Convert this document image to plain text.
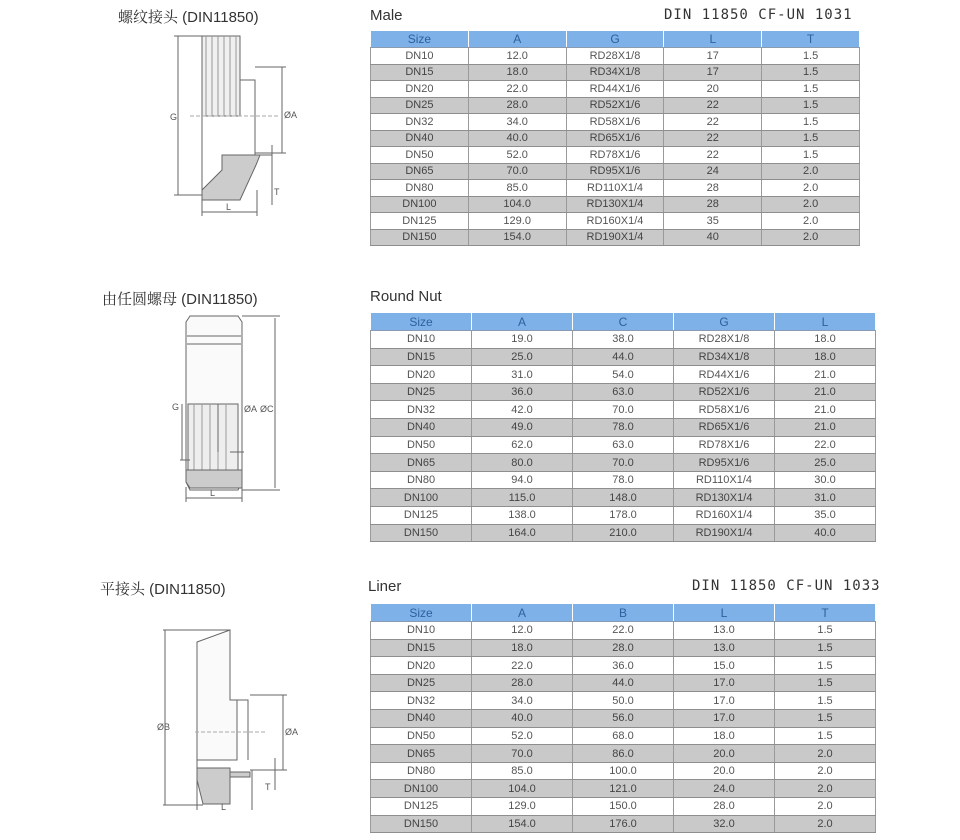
螺纹接头 (DIN11850)	Male	DIN 11850 CF-UN 1031
G	ØA
T
L
Size	A	G	L	T
DN10	12.0	RD28X1/8	17	1.5
DN15	18.0	RD34X1/8	17	1.5
DN20	22.0	RD44X1/6	20	1.5
DN25	28.0	RD52X1/6	22	1.5
DN32	34.0	RD58X1/6	22	1.5
DN40	40.0	RD65X1/6	22	1.5
DN50	52.0	RD78X1/6	22	1.5
DN65	70.0	RD95X1/6	24	2.0
DN80	85.0	RD110X1/4	28	2.0
DN100	104.0	RD130X1/4	28	2.0
DN125	129.0	RD160X1/4	35	2.0
DN150	154.0	RD190X1/4	40	2.0
由任圆螺母 (DIN11850)	Round Nut
G	ØA ØC
L
Size	A	C	G	L
DN10	19.0	38.0	RD28X1/8	18.0
DN15	25.0	44.0	RD34X1/8	18.0
DN20	31.0	54.0	RD44X1/6	21.0
DN25	36.0	63.0	RD52X1/6	21.0
DN32	42.0	70.0	RD58X1/6	21.0
DN40	49.0	78.0	RD65X1/6	21.0
DN50	62.0	63.0	RD78X1/6	22.0
DN65	80.0	70.0	RD95X1/6	25.0
DN80	94.0	78.0	RD110X1/4	30.0
DN100	115.0	148.0	RD130X1/4	31.0
DN125	138.0	178.0	RD160X1/4	35.0
DN150	164.0	210.0	RD190X1/4	40.0
平接头 (DIN11850)	Liner	DIN 11850 CF-UN 1033
ØB	ØA
T
L
Size	A	B	L	T
DN10	12.0	22.0	13.0	1.5
DN15	18.0	28.0	13.0	1.5
DN20	22.0	36.0	15.0	1.5
DN25	28.0	44.0	17.0	1.5
DN32	34.0	50.0	17.0	1.5
DN40	40.0	56.0	17.0	1.5
DN50	52.0	68.0	18.0	1.5
DN65	70.0	86.0	20.0	2.0
DN80	85.0	100.0	20.0	2.0
DN100	104.0	121.0	24.0	2.0
DN125	129.0	150.0	28.0	2.0
DN150	154.0	176.0	32.0	2.0
